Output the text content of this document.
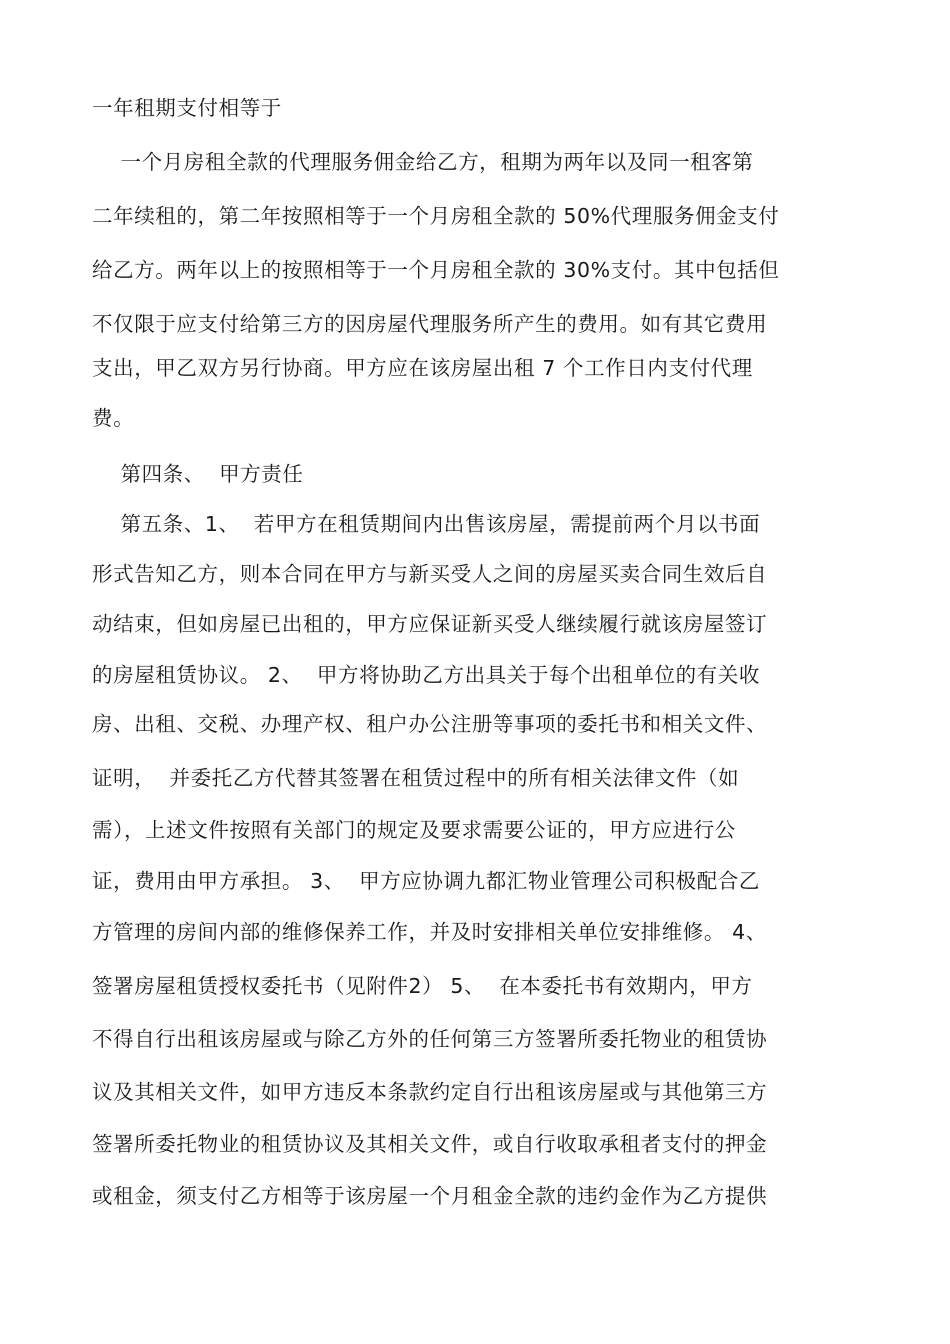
一年租期支付相等于
一个月房租全款的代理服务佣金给乙方，租期为两年以及同一租客第
二年续租的，第二年按照相等于一个月房租全款的 50%代理服务佣金支付
给乙方。两年以上的按照相等于一个月房租全款的 30%支付。其中包括但
不仅限于应支付给第三方的因房屋代理服务所产生的费用。如有其它费用
支出，甲乙双方另行协商。甲方应在该房屋出租 7 个工作日内支付代理
费。
第四条、  甲方责任
第五条、1、  若甲方在租赁期间内出售该房屋，需提前两个月以书面
形式告知乙方，则本合同在甲方与新买受人之间的房屋买卖合同生效后自
动结束，但如房屋已出租的，甲方应保证新买受人继续履行就该房屋签订
的房屋租赁协议。 2、  甲方将协助乙方出具关于每个出租单位的有关收
房、出租、交税、办理产权、租户办公注册等事项的委托书和相关文件、
证明，  并委托乙方代替其签署在租赁过程中的所有相关法律文件（如
需），上述文件按照有关部门的规定及要求需要公证的，甲方应进行公
证，费用由甲方承担。 3、  甲方应协调九都汇物业管理公司积极配合乙
方管理的房间内部的维修保养工作，并及时安排相关单位安排维修。 4、
签署房屋租赁授权委托书（见附件2） 5、  在本委托书有效期内，甲方
不得自行出租该房屋或与除乙方外的任何第三方签署所委托物业的租赁协
议及其相关文件，如甲方违反本条款约定自行出租该房屋或与其他第三方
签署所委托物业的租赁协议及其相关文件，或自行收取承租者支付的押金
或租金，须支付乙方相等于该房屋一个月租金全款的违约金作为乙方提供
